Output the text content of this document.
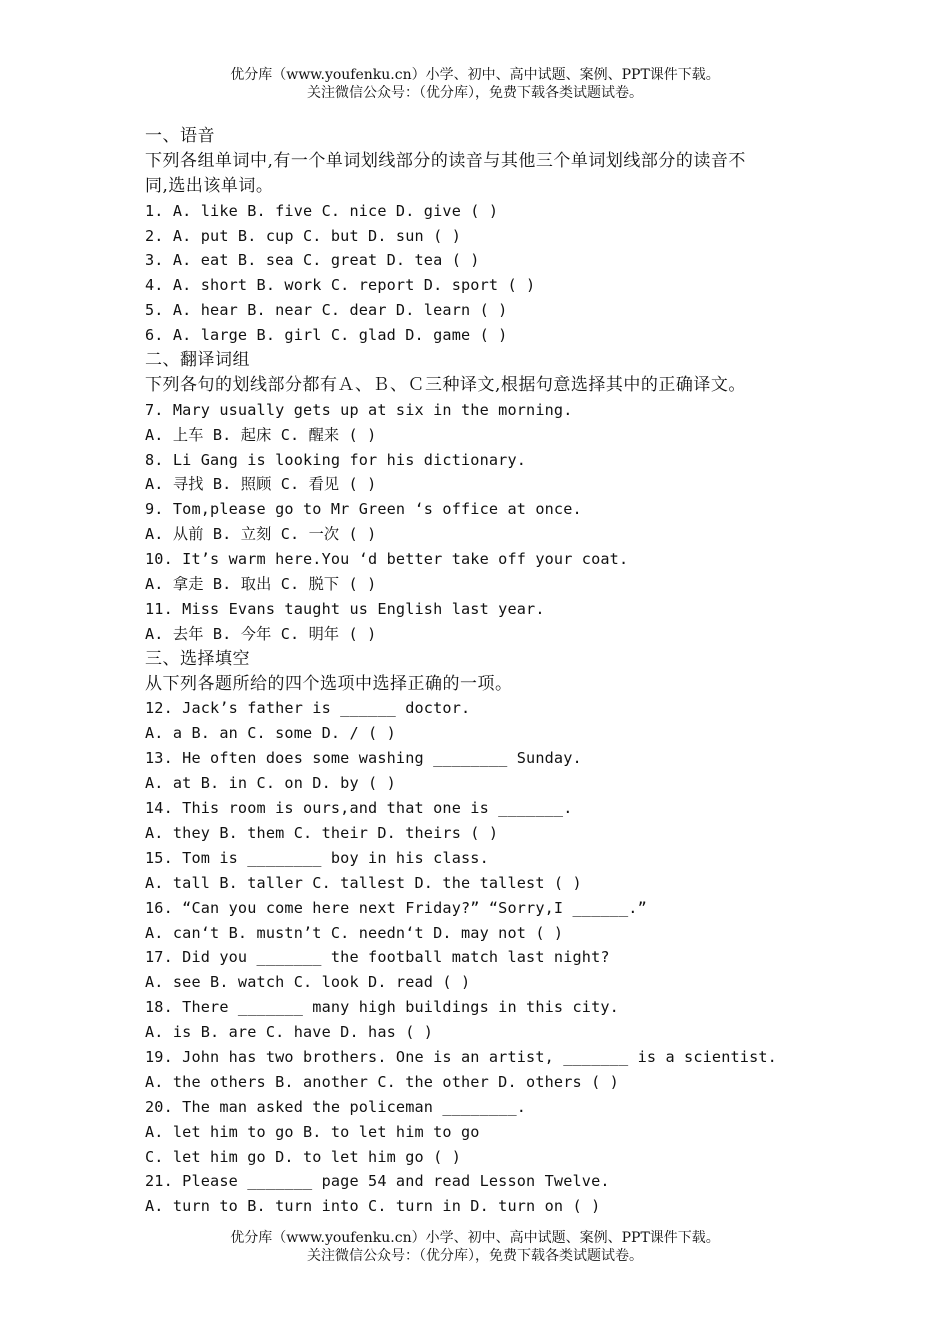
优分库（www.youfenku.cn）小学、初中、高中试题、案例、PPT课件下载。
关注微信公众号：（优分库），免费下载各类试题试卷。
一、语音
下列各组单词中,有一个单词划线部分的读音与其他三个单词划线部分的读音不
同,选出该单词。
1. A. like B. five C. nice D. give ( )
2. A. put B. cup C. but D. sun ( )
3. A. eat B. sea C. great D. tea ( )
4. A. short B. work C. report D. sport ( )
5. A. hear B. near C. dear D. learn ( )
6. A. large B. girl C. glad D. game ( )
二、翻译词组
下列各句的划线部分都有Ａ、Ｂ、Ｃ三种译文,根据句意选择其中的正确译文。
7. Mary usually gets up at six in the morning.
A. 上车 B. 起床 C. 醒来 ( )
8. Li Gang is looking for his dictionary.
A. 寻找 B. 照顾 C. 看见 ( )
9. Tom,please go to Mr Green ‘s office at once.
A. 从前 B. 立刻 C. 一次 ( )
10. It’s warm here.You ‘d better take off your coat.
A. 拿走 B. 取出 C. 脱下 ( )
11. Miss Evans taught us English last year.
A. 去年 B. 今年 C. 明年 ( )
三、选择填空
从下列各题所给的四个选项中选择正确的一项。
12. Jack’s father is ______ doctor.
A. a B. an C. some D. / ( )
13. He often does some washing ________ Sunday.
A. at B. in C. on D. by ( )
14. This room is ours,and that one is _______.
A. they B. them C. their D. theirs ( )
15. Tom is ________ boy in his class.
A. tall B. taller C. tallest D. the tallest ( )
16. “Can you come here next Friday?” “Sorry,I ______.”
A. can‘t B. mustn’t C. needn‘t D. may not ( )
17. Did you _______ the football match last night?
A. see B. watch C. look D. read ( )
18. There _______ many high buildings in this city.
A. is B. are C. have D. has ( )
19. John has two brothers. One is an artist, _______ is a scientist.
A. the others B. another C. the other D. others ( )
20. The man asked the policeman ________.
A. let him to go B. to let him to go
C. let him go D. to let him go ( )
21. Please _______ page 54 and read Lesson Twelve.
A. turn to B. turn into C. turn in D. turn on ( )
优分库（www.youfenku.cn）小学、初中、高中试题、案例、PPT课件下载。
关注微信公众号：（优分库），免费下载各类试题试卷。
